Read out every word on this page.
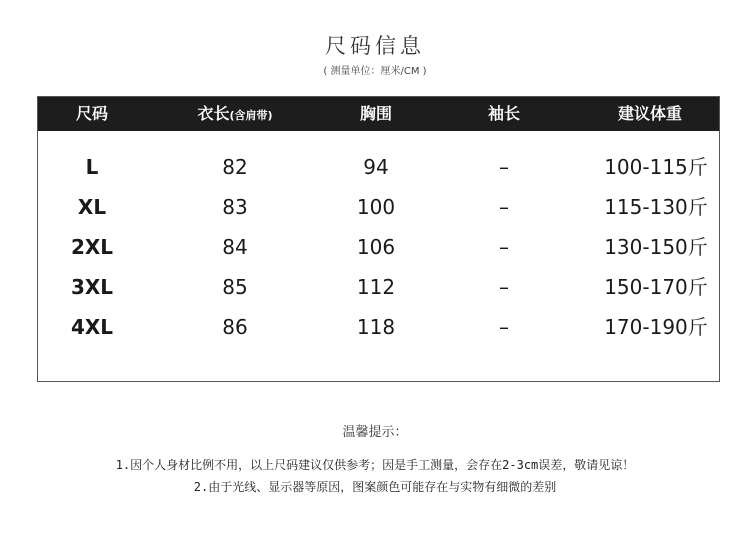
尺码信息
( 测量单位：厘米/CM )
尺码	衣长(含肩带)	胸围	袖长	建议体重
L	82	94	–	100-115斤
XL	83	100	–	115-130斤
2XL	84	106	–	130-150斤
3XL	85	112	–	150-170斤
4XL	86	118	–	170-190斤
温馨提示：
1.因个人身材比例不用，以上尺码建议仅供参考；因是手工测量，会存在2-3cm误差，敬请见谅！
2.由于光线、显示器等原因，图案颜色可能存在与实物有细微的差别
